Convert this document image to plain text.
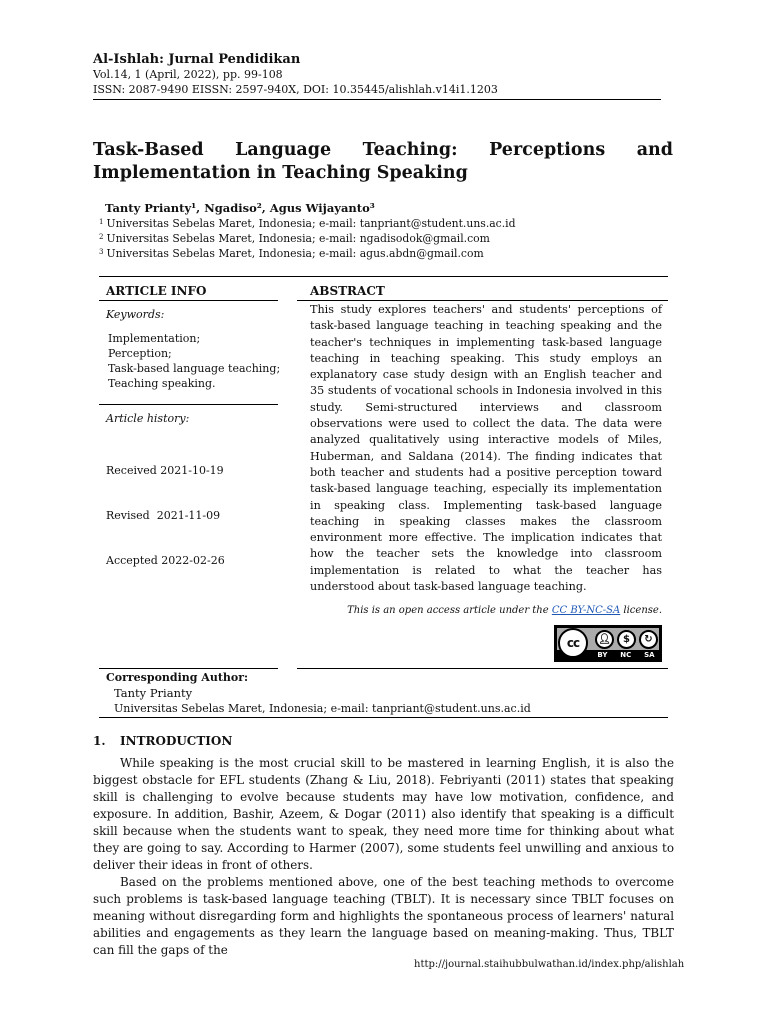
Al-Ishlah: Jurnal Pendidikan
Vol.14, 1 (April, 2022), pp. 99-108
ISSN: 2087-9490 EISSN: 2597-940X, DOI: 10.35445/alishlah.v14i1.1203
Task-Based Language Teaching: Perceptions and Implementation in Teaching Speaking
Tanty Prianty¹, Ngadiso², Agus Wijayanto³
$^1$ Universitas Sebelas Maret, Indonesia; e-mail: tanpriant@student.uns.ac.id
$^2$ Universitas Sebelas Maret, Indonesia; e-mail: ngadisodok@gmail.com
$^3$ Universitas Sebelas Maret, Indonesia; e-mail: agus.abdn@gmail.com
ARTICLE INFO	ABSTRACT
Keywords:
Implementation;
Perception;
Task-based language teaching;
Teaching speaking.
Article history:

Received 2021-10-19

Revised  2021-11-09

Accepted 2022-02-26

This study explores teachers' and students' perceptions of task-based language teaching in teaching speaking and the teacher's techniques in implementing task-based language teaching in teaching speaking. This study employs an explanatory case study design with an English teacher and 35 students of vocational schools in Indonesia involved in this study. Semi-structured interviews and classroom observations were used to collect the data. The data were analyzed qualitatively using interactive models of Miles, Huberman, and Saldana (2014). The finding indicates that both teacher and students had a positive perception toward task-based language teaching, especially its implementation in speaking class. Implementing task-based language teaching in speaking classes makes the classroom environment more effective. The implication indicates that how the teacher sets the knowledge into classroom implementation is related to what the teacher has understood about task-based language teaching.
This is an open access article under the CC BY-NC-SA license.
cc	👤︎	$	↻
BY NC SA
Corresponding Author:
Tanty Prianty
Universitas Sebelas Maret, Indonesia; e-mail: tanpriant@student.uns.ac.id
1. INTRODUCTION

While speaking is the most crucial skill to be mastered in learning English, it is also the biggest obstacle for EFL students (Zhang & Liu, 2018). Febriyanti (2011) states that speaking skill is challenging to evolve because students may have low motivation, confidence, and exposure. In addition, Bashir, Azeem, & Dogar (2011) also identify that speaking is a difficult skill because when the students want to speak, they need more time for thinking about what they are going to say. According to Harmer (2007), some students feel unwilling and anxious to deliver their ideas in front of others.

Based on the problems mentioned above, one of the best teaching methods to overcome such problems is task-based language teaching (TBLT). It is necessary since TBLT focuses on meaning without disregarding form and highlights the spontaneous process of learners' natural abilities and engagements as they learn the language based on meaning-making. Thus, TBLT can fill the gaps of the

http://journal.staihubbulwathan.id/index.php/alishlah
